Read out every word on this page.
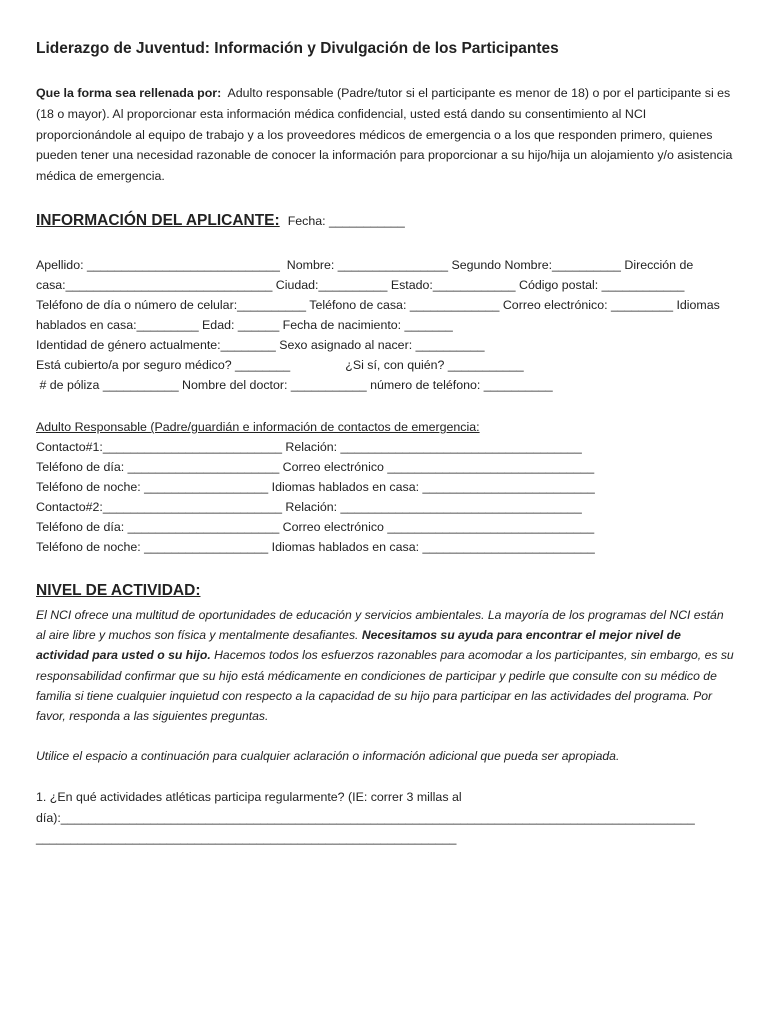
Liderazgo de Juventud: Información y Divulgación de los Participantes
Que la forma sea rellenada por: Adulto responsable (Padre/tutor si el participante es menor de 18) o por el participante si es (18 o mayor). Al proporcionar esta información médica confidencial, usted está dando su consentimiento al NCI proporcionándole al equipo de trabajo y a los proveedores médicos de emergencia o a los que responden primero, quienes pueden tener una necesidad razonable de conocer la información para proporcionar a su hijo/hija un alojamiento y/o asistencia médica de emergencia.
INFORMACIÓN DEL APLICANTE: Fecha: ___________
Apellido: ____________________________  Nombre: ________________ Segundo Nombre:__________ Dirección de
casa:______________________________ Ciudad:__________ Estado:____________ Código postal: ____________
Teléfono de día o número de celular:__________ Teléfono de casa: _____________ Correo electrónico: _________ Idiomas
hablados en casa:_________ Edad: ______ Fecha de nacimiento: _______
Identidad de género actualmente:________ Sexo asignado al nacer: __________
Está cubierto/a por seguro médico? ________                ¿Si sí, con quién? ___________
# de póliza ___________ Nombre del doctor: ___________ número de teléfono: __________
Adulto Responsable (Padre/guardián e información de contactos de emergencia:
Contacto#1:__________________________ Relación: ___________________________________
Teléfono de día: ______________________ Correo electrónico ______________________________
Teléfono de noche: __________________ Idiomas hablados en casa: _________________________
Contacto#2:__________________________ Relación: ___________________________________
Teléfono de día: ______________________ Correo electrónico ______________________________
Teléfono de noche: __________________ Idiomas hablados en casa: _________________________
NIVEL DE ACTIVIDAD:
El NCI ofrece una multitud de oportunidades de educación y servicios ambientales. La mayoría de los programas del NCI están al aire libre y muchos son física y mentalmente desafiantes. Necesitamos su ayuda para encontrar el mejor nivel de actividad para usted o su hijo. Hacemos todos los esfuerzos razonables para acomodar a los participantes, sin embargo, es su responsabilidad confirmar que su hijo está médicamente en condiciones de participar y pedirle que consulte con su médico de familia si tiene cualquier inquietud con respecto a la capacidad de su hijo para participar en las actividades del programa. Por favor, responda a las siguientes preguntas.
Utilice el espacio a continuación para cualquier aclaración o información adicional que pueda ser apropiada.
1. ¿En qué actividades atléticas participa regularmente? (IE: correr 3 millas al
día):____________________________________________________________________________________________
_____________________________________________________________
